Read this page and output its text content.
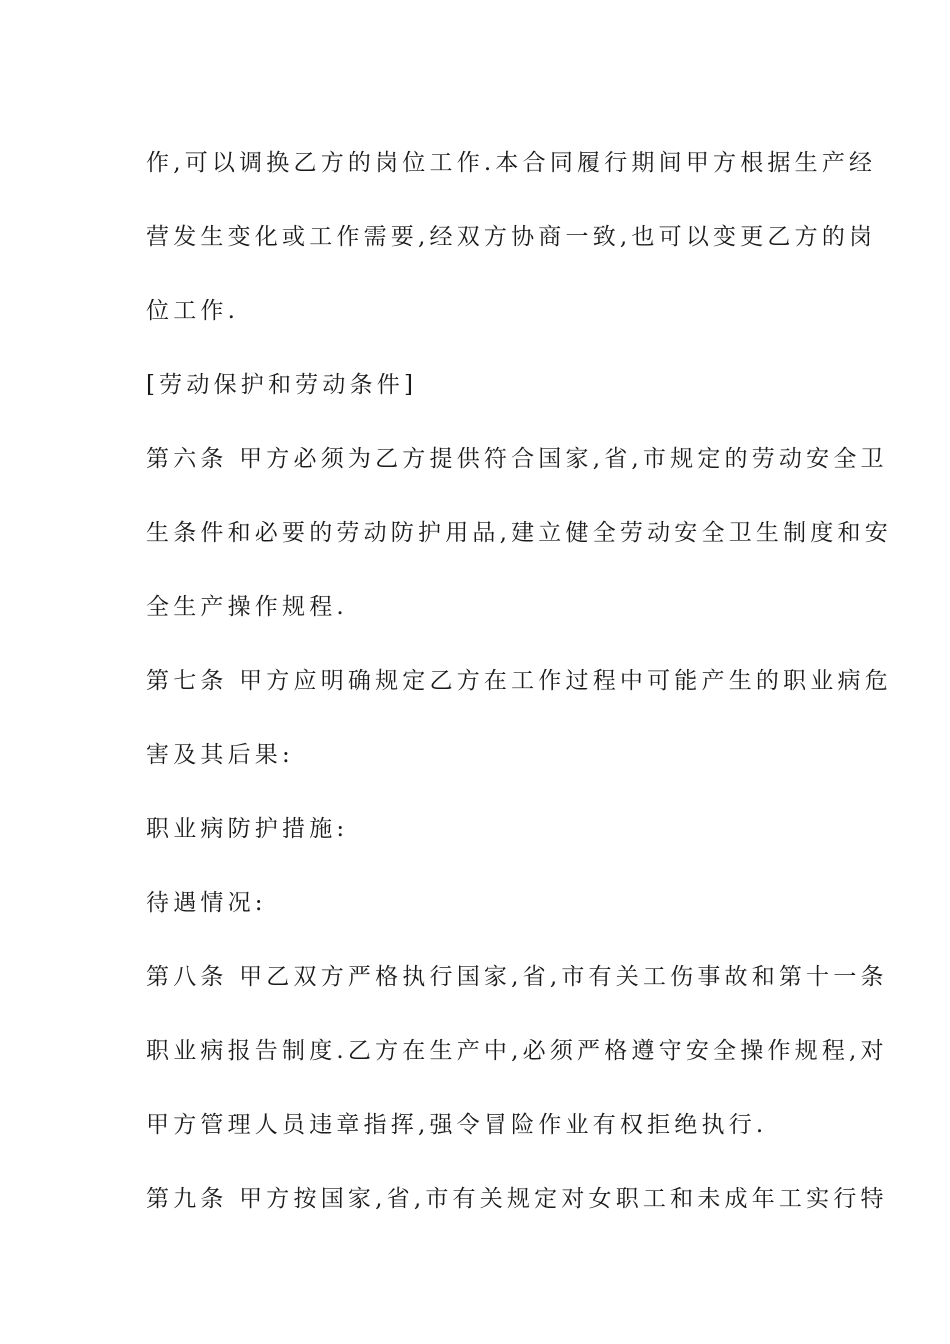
作,可以调换乙方的岗位工作.本合同履行期间甲方根据生产经
营发生变化或工作需要,经双方协商一致,也可以变更乙方的岗
位工作.
[劳动保护和劳动条件]
第六条 甲方必须为乙方提供符合国家,省,市规定的劳动安全卫
生条件和必要的劳动防护用品,建立健全劳动安全卫生制度和安
全生产操作规程.
第七条 甲方应明确规定乙方在工作过程中可能产生的职业病危
害及其后果:
职业病防护措施:
待遇情况:
第八条 甲乙双方严格执行国家,省,市有关工伤事故和第十一条
职业病报告制度.乙方在生产中,必须严格遵守安全操作规程,对
甲方管理人员违章指挥,强令冒险作业有权拒绝执行.
第九条 甲方按国家,省,市有关规定对女职工和未成年工实行特
